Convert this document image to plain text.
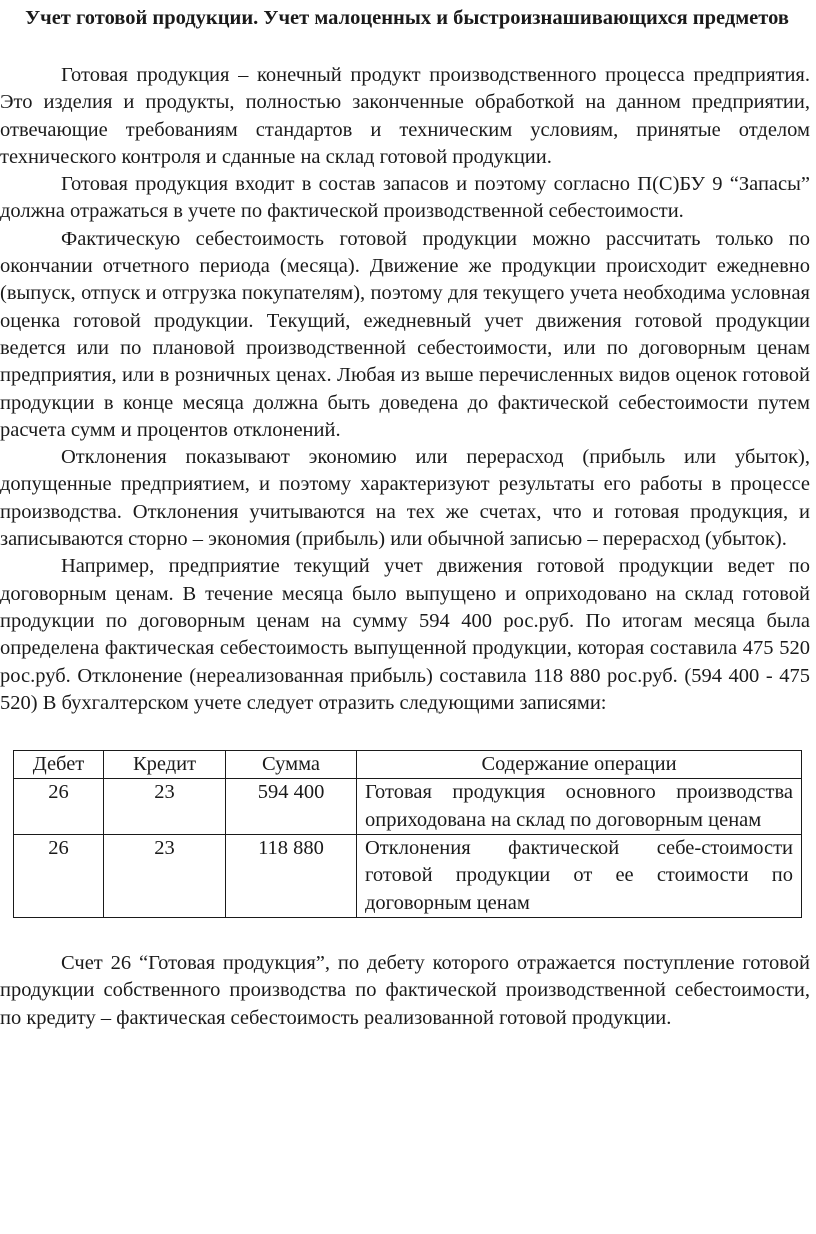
Учет готовой продукции. Учет малоценных и быстроизнашивающихся предметов

Готовая продукция – конечный продукт производственного процесса предприятия. Это изделия и продукты, полностью законченные обработкой на данном предприятии, отвечающие требованиям стандартов и техническим условиям, принятые отделом технического контроля и сданные на склад готовой продукции.

Готовая продукция входит в состав запасов и поэтому согласно П(С)БУ 9 “Запасы” должна отражаться в учете по фактической производственной себестоимости.

Фактическую себестоимость готовой продукции можно рассчитать только по окончании отчетного периода (месяца). Движение же продукции происходит ежедневно (выпуск, отпуск и отгрузка покупателям), поэтому для текущего учета необходима условная оценка готовой продукции. Текущий, ежедневный учет движения готовой продукции ведется или по плановой производственной себестоимости, или по договорным ценам предприятия, или в розничных ценах. Любая из выше перечисленных видов оценок готовой продукции в конце месяца должна быть доведена до фактической себестоимости путем расчета сумм и процентов отклонений.

Отклонения показывают экономию или перерасход (прибыль или убыток), допущенные предприятием, и поэтому характеризуют результаты его работы в процессе производства. Отклонения учитываются на тех же счетах, что и готовая продукция, и записываются сторно – экономия (прибыль) или обычной записью – перерасход (убыток).

Например, предприятие текущий учет движения готовой продукции ведет по договорным ценам. В течение месяца было выпущено и оприходовано на склад готовой продукции по договорным ценам на сумму 594 400 рос.руб. По итогам месяца была определена фактическая себестоимость выпущенной продукции, которая составила 475 520 рос.руб. Отклонение (нереализованная прибыль) составила 118 880 рос.руб. (594 400 - 475 520) В бухгалтерском учете следует отразить следующими записями:

Дебет	Кредит	Сумма	Содержание операции
26	23	594 400	Готовая продукция основного производства оприходована на склад по договорным ценам
26	23	118 880	Отклонения фактической себе-стоимости готовой продукции от ее стоимости по договорным ценам

Счет 26 “Готовая продукция”, по дебету которого отражается поступление готовой продукции собственного производства по фактической производственной себестоимости, по кредиту – фактическая себестоимость реализованной готовой продукции.
